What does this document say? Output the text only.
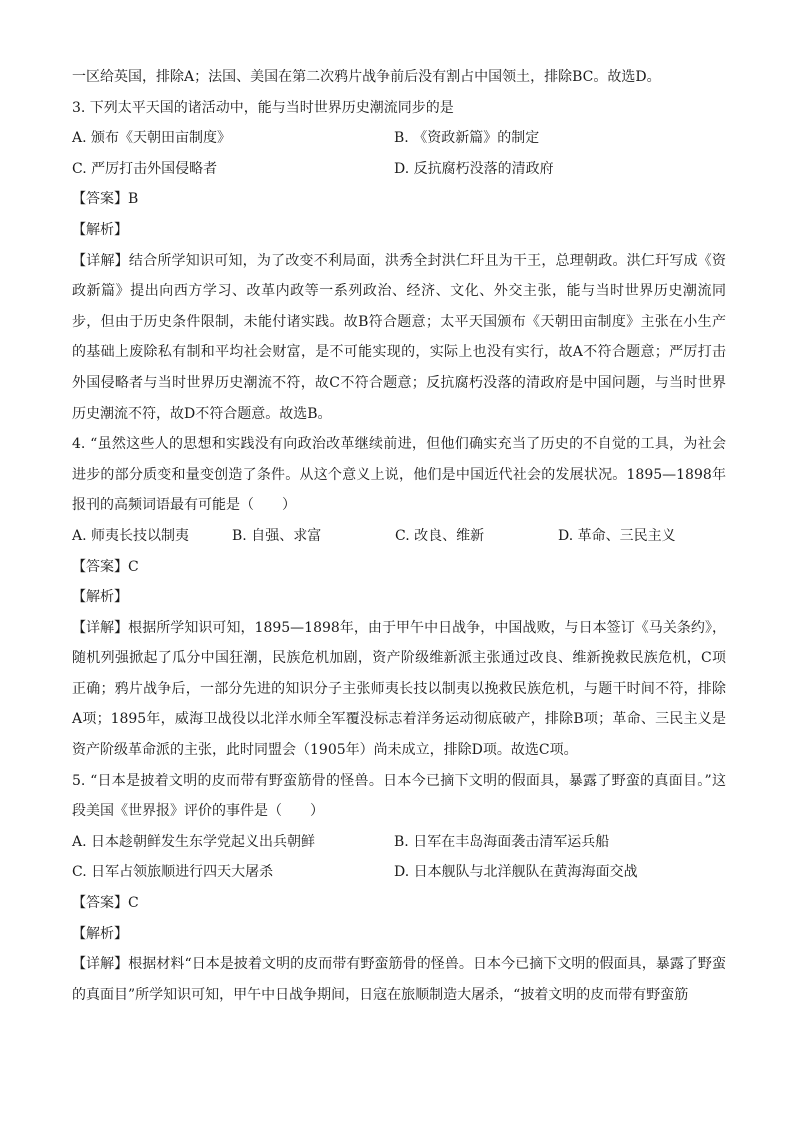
一区给英国，排除A；法国、美国在第二次鸦片战争前后没有割占中国领土，排除BC。故选D。
3. 下列太平天国的诸活动中，能与当时世界历史潮流同步的是
A. 颁布《天朝田亩制度》	B. 《资政新篇》的制定
C. 严厉打击外国侵略者	D. 反抗腐朽没落的清政府
【答案】B
【解析】
【详解】结合所学知识可知，为了改变不利局面，洪秀全封洪仁玕且为干王，总理朝政。洪仁玕写成《资政新篇》提出向西方学习、改革内政等一系列政治、经济、文化、外交主张，能与当时世界历史潮流同步，但由于历史条件限制，未能付诸实践。故B符合题意；太平天国颁布《天朝田亩制度》主张在小生产的基础上废除私有制和平均社会财富，是不可能实现的，实际上也没有实行，故A不符合题意；严厉打击外国侵略者与当时世界历史潮流不符，故C不符合题意；反抗腐朽没落的清政府是中国问题，与当时世界历史潮流不符，故D不符合题意。故选B。
4. “虽然这些人的思想和实践没有向政治改革继续前进，但他们确实充当了历史的不自觉的工具，为社会进步的部分质变和量变创造了条件。从这个意义上说，他们是中国近代社会的发展状况。1895—1898年报刊的高频词语最有可能是（　　）
A. 师夷长技以制夷	B. 自强、求富	C. 改良、维新	D. 革命、三民主义
【答案】C
【解析】
【详解】根据所学知识可知，1895—1898年，由于甲午中日战争，中国战败，与日本签订《马关条约》，随机列强掀起了瓜分中国狂潮，民族危机加剧，资产阶级维新派主张通过改良、维新挽救民族危机，C项正确；鸦片战争后，一部分先进的知识分子主张师夷长技以制夷以挽救民族危机，与题干时间不符，排除A项；1895年，威海卫战役以北洋水师全军覆没标志着洋务运动彻底破产，排除B项；革命、三民主义是资产阶级革命派的主张，此时同盟会（1905年）尚未成立，排除D项。故选C项。
5. “日本是披着文明的皮而带有野蛮筋骨的怪兽。日本今已摘下文明的假面具，暴露了野蛮的真面目。”这段美国《世界报》评价的事件是（　　）
A. 日本趁朝鲜发生东学党起义出兵朝鲜	B. 日军在丰岛海面袭击清军运兵船
C. 日军占领旅顺进行四天大屠杀	D. 日本舰队与北洋舰队在黄海海面交战
【答案】C
【解析】
【详解】根据材料“日本是披着文明的皮而带有野蛮筋骨的怪兽。日本今已摘下文明的假面具，暴露了野蛮的真面目”所学知识可知，甲午中日战争期间，日寇在旅顺制造大屠杀，“披着文明的皮而带有野蛮筋
